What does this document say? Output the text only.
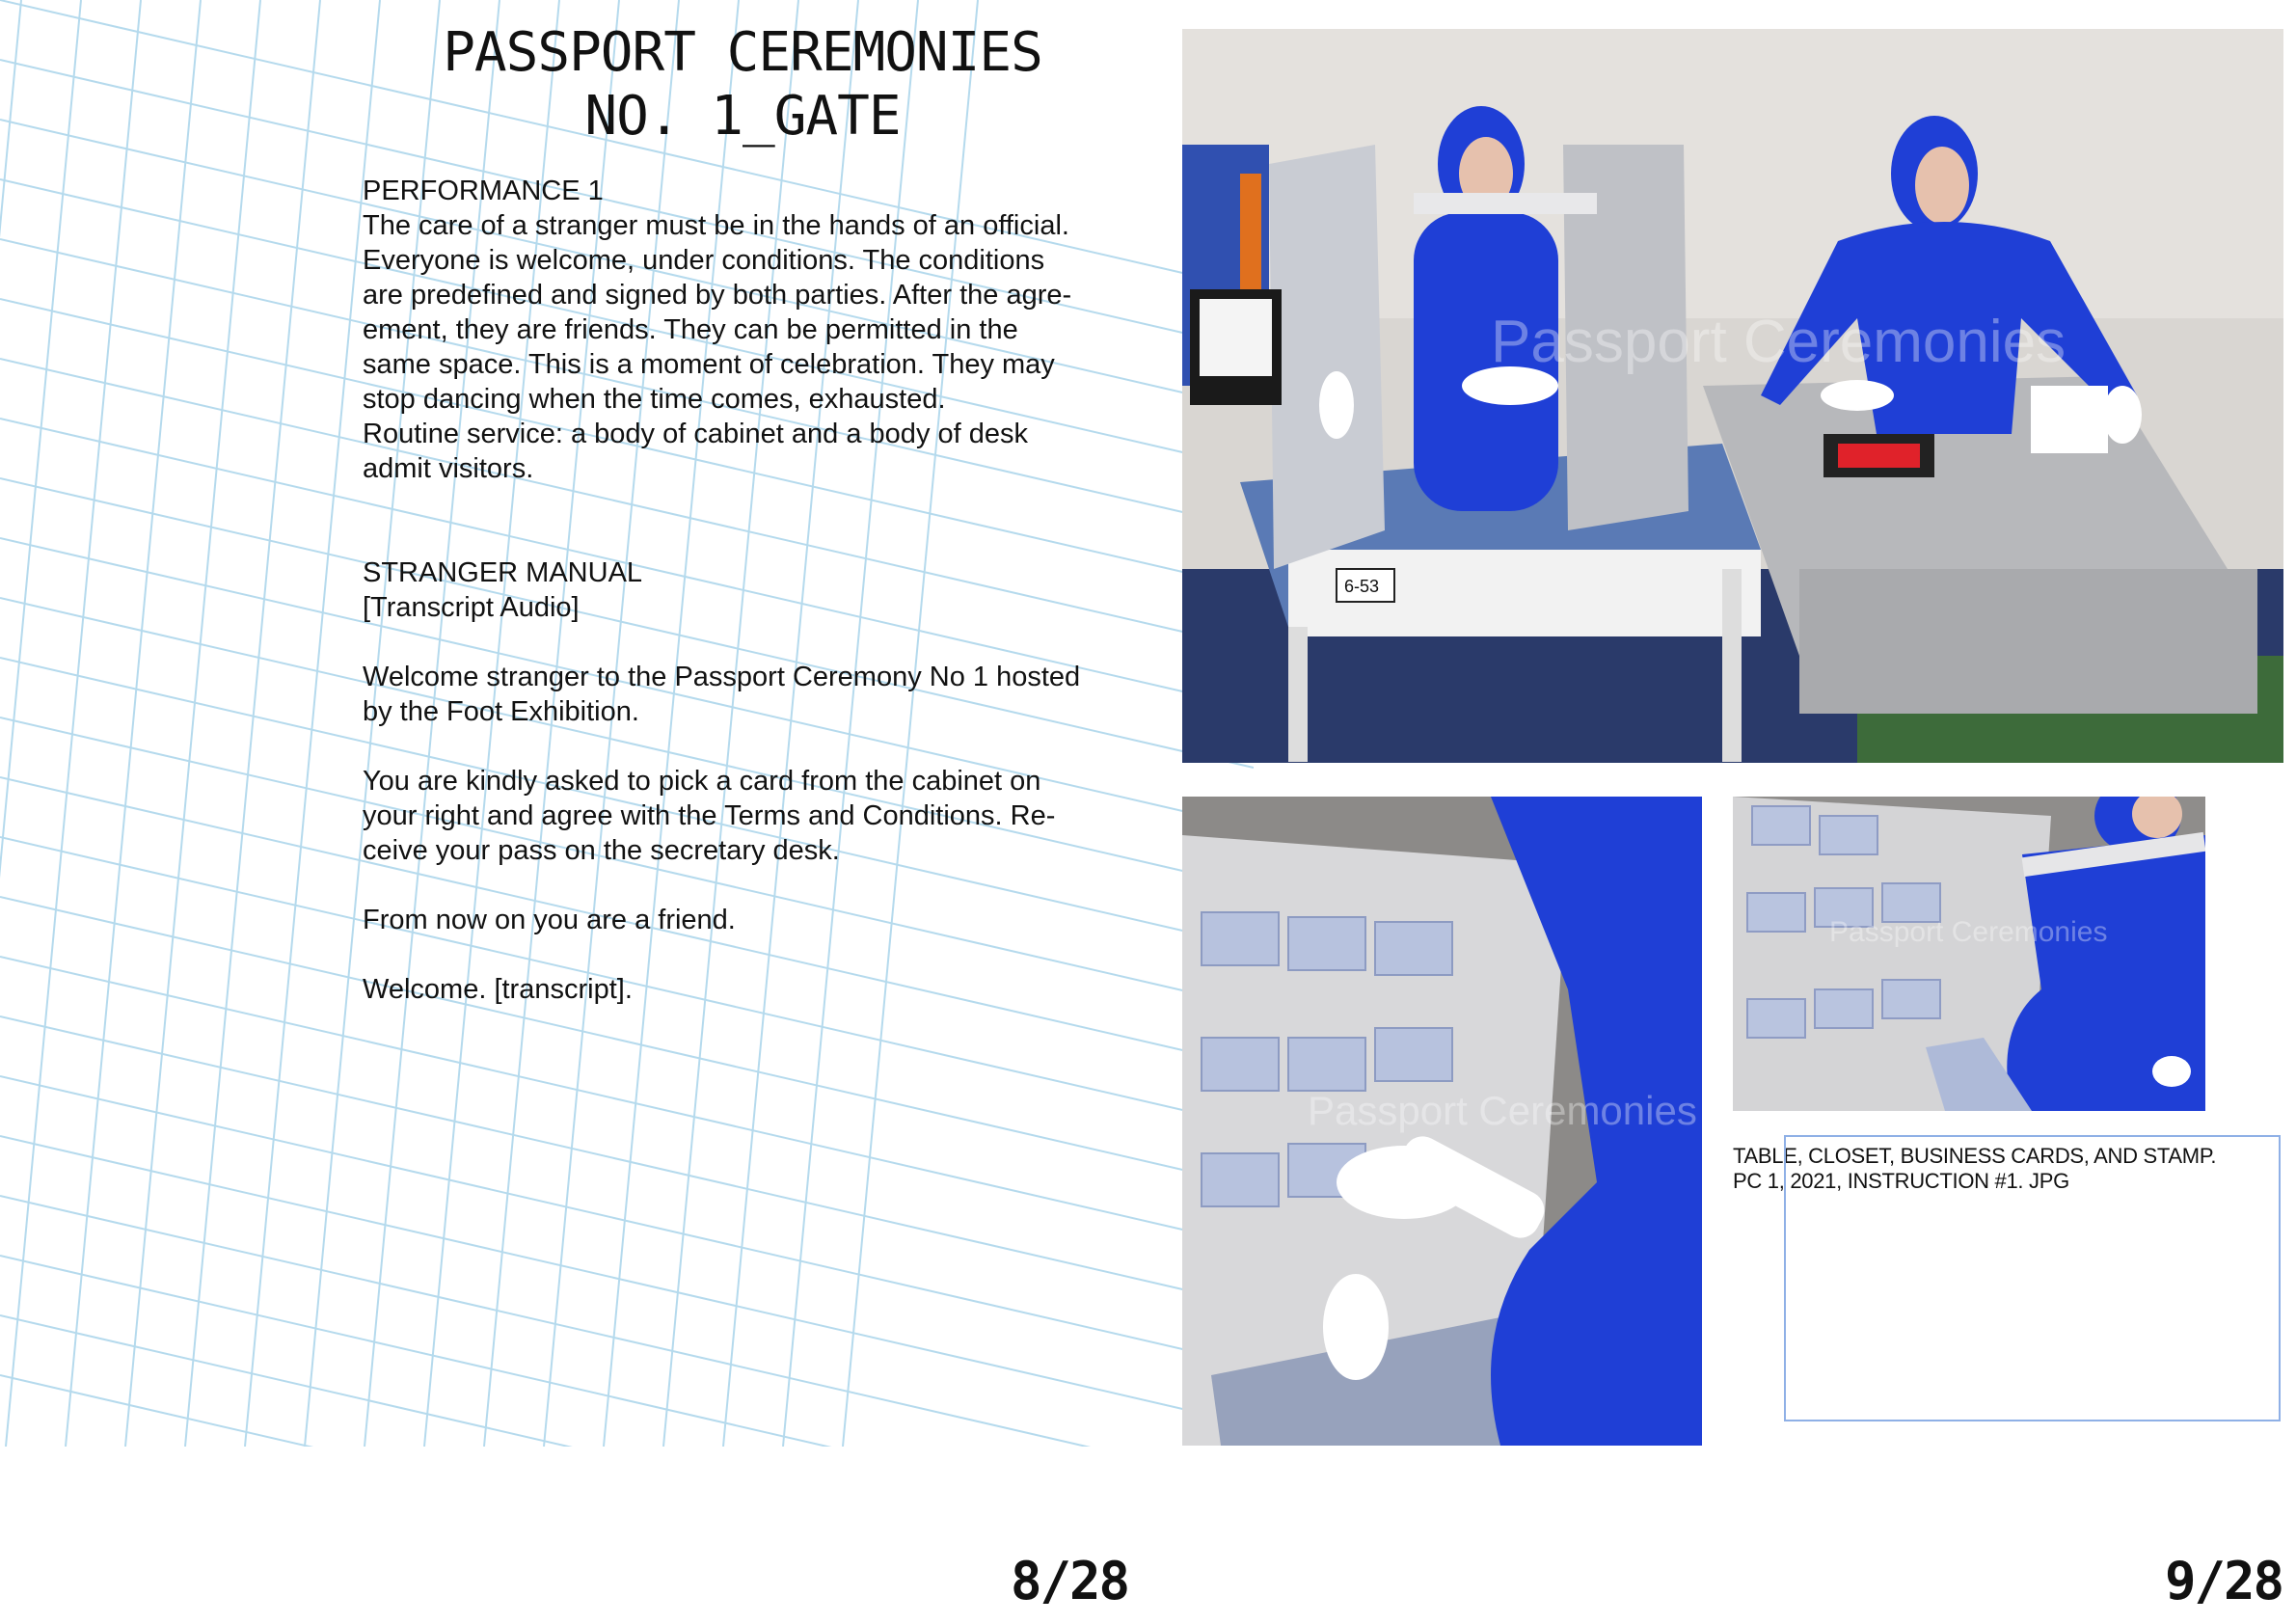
PASSPORT CEREMONIES
NO. 1_GATE

PERFORMANCE 1

The care of a stranger must be in the hands of an official.

Everyone is welcome, under conditions. The conditions

are predefined and signed by both parties. After the agre-

ement, they are friends. They can be permitted in the

same space. This is a moment of celebration. They may

stop dancing when the time comes, exhausted.

Routine service: a body of cabinet and a body of desk

admit visitors.

STRANGER MANUAL

[Transcript Audio]

Welcome stranger to the Passport Ceremony No 1 hosted

by the Foot Exhibition.

You are kindly asked to pick a card from the cabinet on

your right and agree with the Terms and Conditions. Re-

ceive your pass on the secretary desk.

From now on you are a friend.

Welcome. [transcript].

6-53
Passport Ceremonies
Passport Ceremonies
Passport Ceremonies
TABLE, CLOSET, BUSINESS CARDS, AND STAMP.
PC 1, 2021, INSTRUCTION #1. JPG
8/28	9/28
